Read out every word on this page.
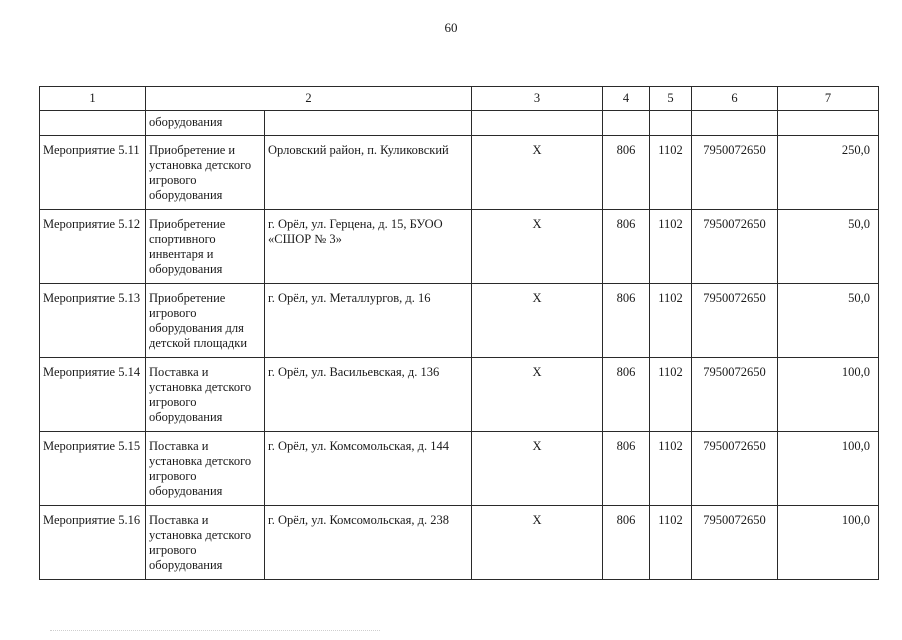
60
1	2		3	4	5	6	7
	оборудования						
Мероприятие 5.11	Приобретение и установка детского игрового оборудования	Орловский район, п. Куликовский	Х	806	1102	7950072650	250,0
Мероприятие 5.12	Приобретение спортивного инвентаря и оборудования	г. Орёл, ул. Герцена, д. 15, БУОО «СШОР № 3»	Х	806	1102	7950072650	50,0
Мероприятие 5.13	Приобретение игрового оборудования для детской площадки	г. Орёл, ул. Металлургов, д. 16	Х	806	1102	7950072650	50,0
Мероприятие 5.14	Поставка и установка детского игрового оборудования	г. Орёл, ул. Васильевская, д. 136	Х	806	1102	7950072650	100,0
Мероприятие 5.15	Поставка и установка детского игрового оборудования	г. Орёл, ул. Комсомольская, д. 144	Х	806	1102	7950072650	100,0
Мероприятие 5.16	Поставка и установка детского игрового оборудования	г. Орёл, ул. Комсомольская, д. 238	Х	806	1102	7950072650	100,0
